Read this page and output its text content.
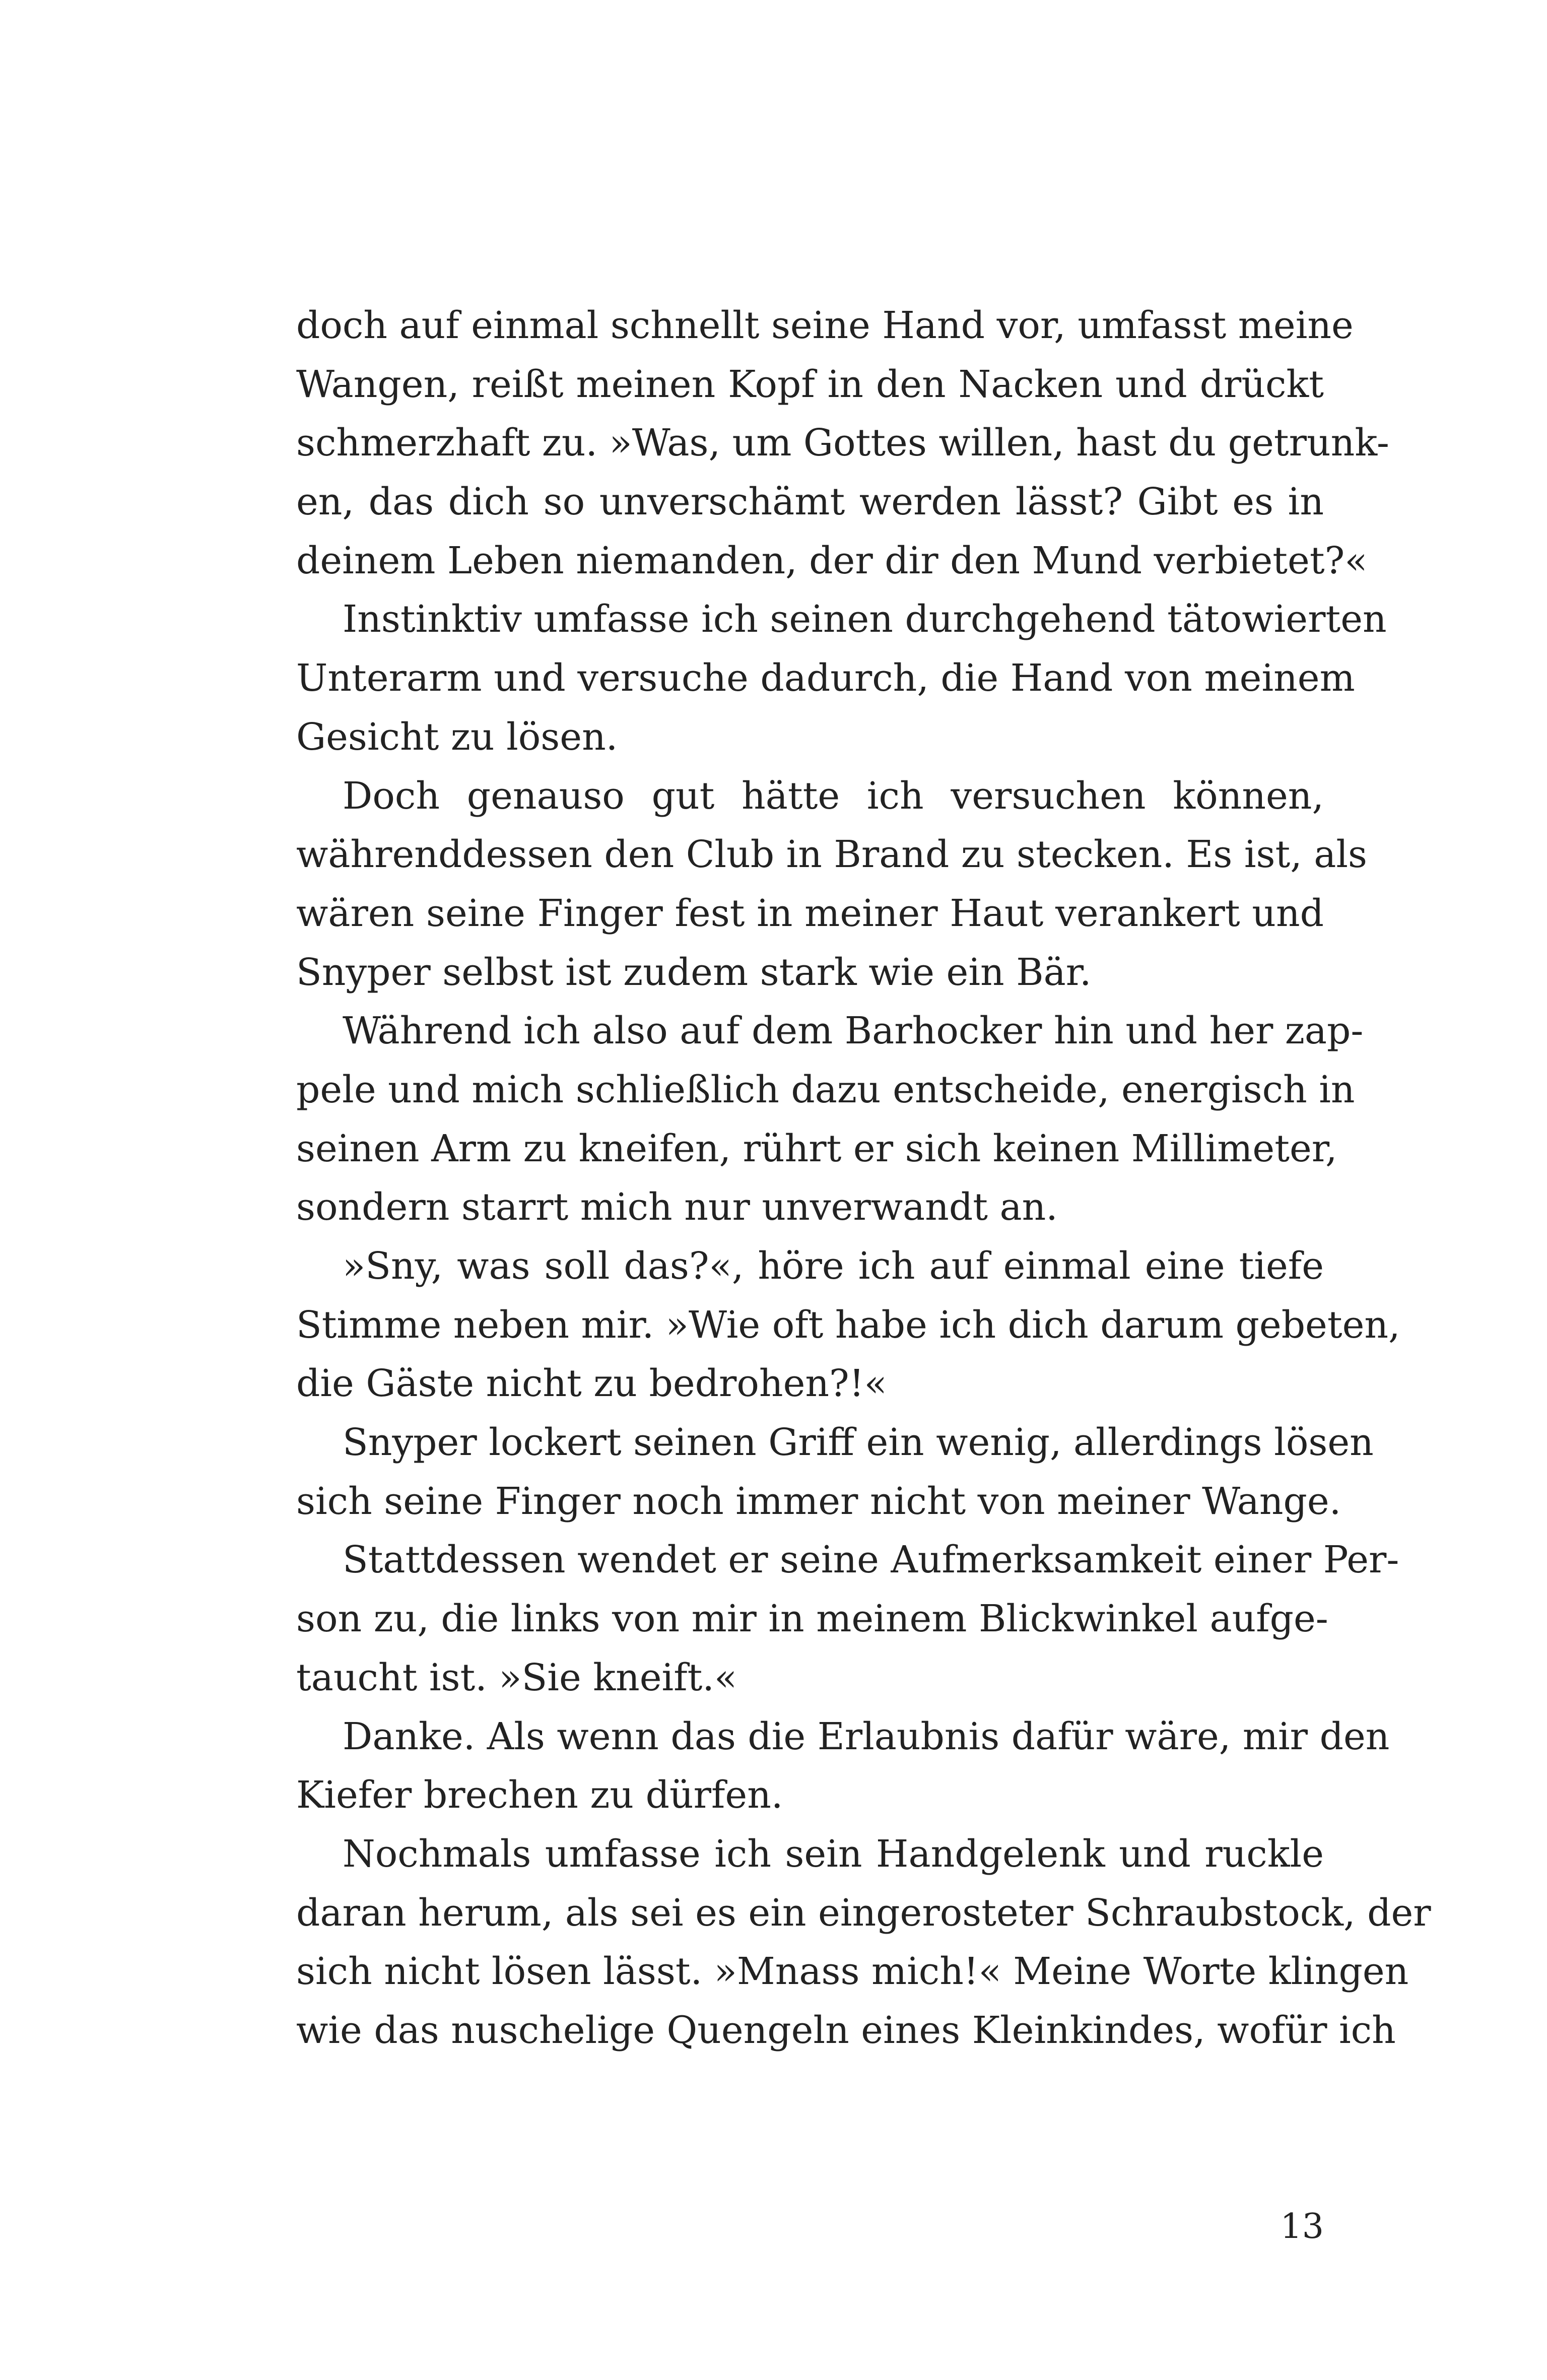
doch auf einmal schnellt seine Hand vor, umfasst meine
Wangen, reißt meinen Kopf in den Nacken und drückt
schmerzhaft zu. »Was, um Gottes willen, hast du getrunk-
en, das dich so unverschämt werden lässt? Gibt es in
deinem Leben niemanden, der dir den Mund verbietet?«
Instinktiv umfasse ich seinen durchgehend tätowierten
Unterarm und versuche dadurch, die Hand von meinem
Gesicht zu lösen.
Doch genauso gut hätte ich versuchen können,
währenddessen den Club in Brand zu stecken. Es ist, als
wären seine Finger fest in meiner Haut verankert und
Snyper selbst ist zudem stark wie ein Bär.
Während ich also auf dem Barhocker hin und her zap-
pele und mich schließlich dazu entscheide, energisch in
seinen Arm zu kneifen, rührt er sich keinen Millimeter,
sondern starrt mich nur unverwandt an.
»Sny, was soll das?«, höre ich auf einmal eine tiefe
Stimme neben mir. »Wie oft habe ich dich darum gebeten,
die Gäste nicht zu bedrohen?!«
Snyper lockert seinen Griff ein wenig, allerdings lösen
sich seine Finger noch immer nicht von meiner Wange.
Stattdessen wendet er seine Aufmerksamkeit einer Per-
son zu, die links von mir in meinem Blickwinkel aufge-
taucht ist. »Sie kneift.«
Danke. Als wenn das die Erlaubnis dafür wäre, mir den
Kiefer brechen zu dürfen.
Nochmals umfasse ich sein Handgelenk und ruckle
daran herum, als sei es ein eingerosteter Schraubstock, der
sich nicht lösen lässt. »Mnass mich!« Meine Worte klingen
wie das nuschelige Quengeln eines Kleinkindes, wofür ich
13
